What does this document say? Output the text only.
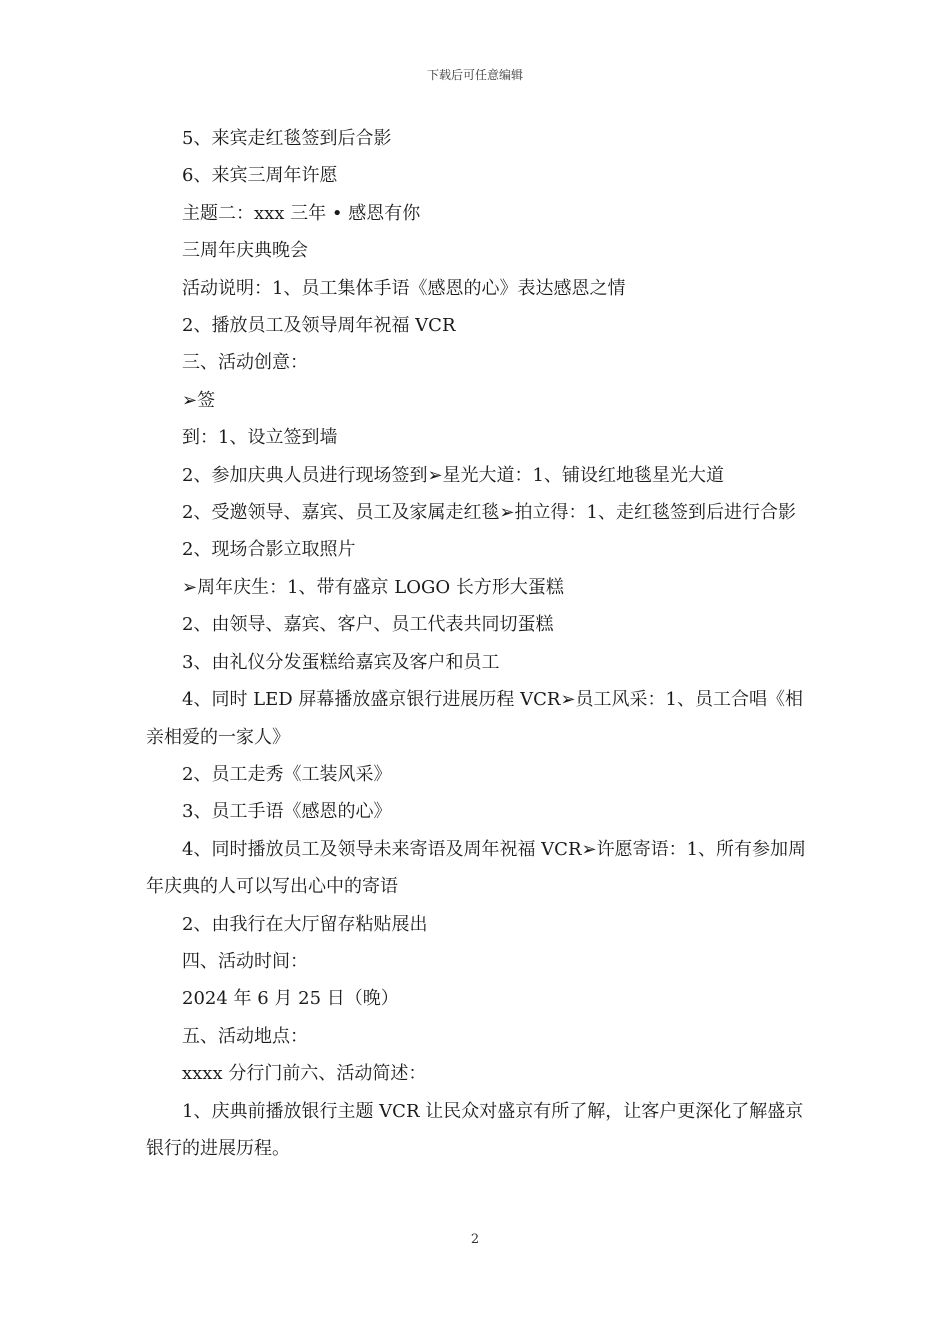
下载后可任意编辑

5、来宾走红毯签到后合影

6、来宾三周年许愿

主题二：xxx 三年 • 感恩有你

三周年庆典晚会

活动说明：1、员工集体手语《感恩的心》表达感恩之情

2、播放员工及领导周年祝福 VCR

三、活动创意：

➢签

到：1、设立签到墙

2、参加庆典人员进行现场签到➢星光大道：1、铺设红地毯星光大道

2、受邀领导、嘉宾、员工及家属走红毯➢拍立得：1、走红毯签到后进行合影

2、现场合影立取照片

➢周年庆生：1、带有盛京 LOGO 长方形大蛋糕

2、由领导、嘉宾、客户、员工代表共同切蛋糕

3、由礼仪分发蛋糕给嘉宾及客户和员工

4、同时 LED 屏幕播放盛京银行进展历程 VCR➢员工风采：1、员工合唱《相亲相爱的一家人》

2、员工走秀《工装风采》

3、员工手语《感恩的心》

4、同时播放员工及领导未来寄语及周年祝福 VCR➢许愿寄语：1、所有参加周年庆典的人可以写出心中的寄语

2、由我行在大厅留存粘贴展出

四、活动时间：

2024 年 6 月 25 日（晚）

五、活动地点：

xxxx 分行门前六、活动简述：

1、庆典前播放银行主题 VCR 让民众对盛京有所了解，让客户更深化了解盛京银行的进展历程。

2
